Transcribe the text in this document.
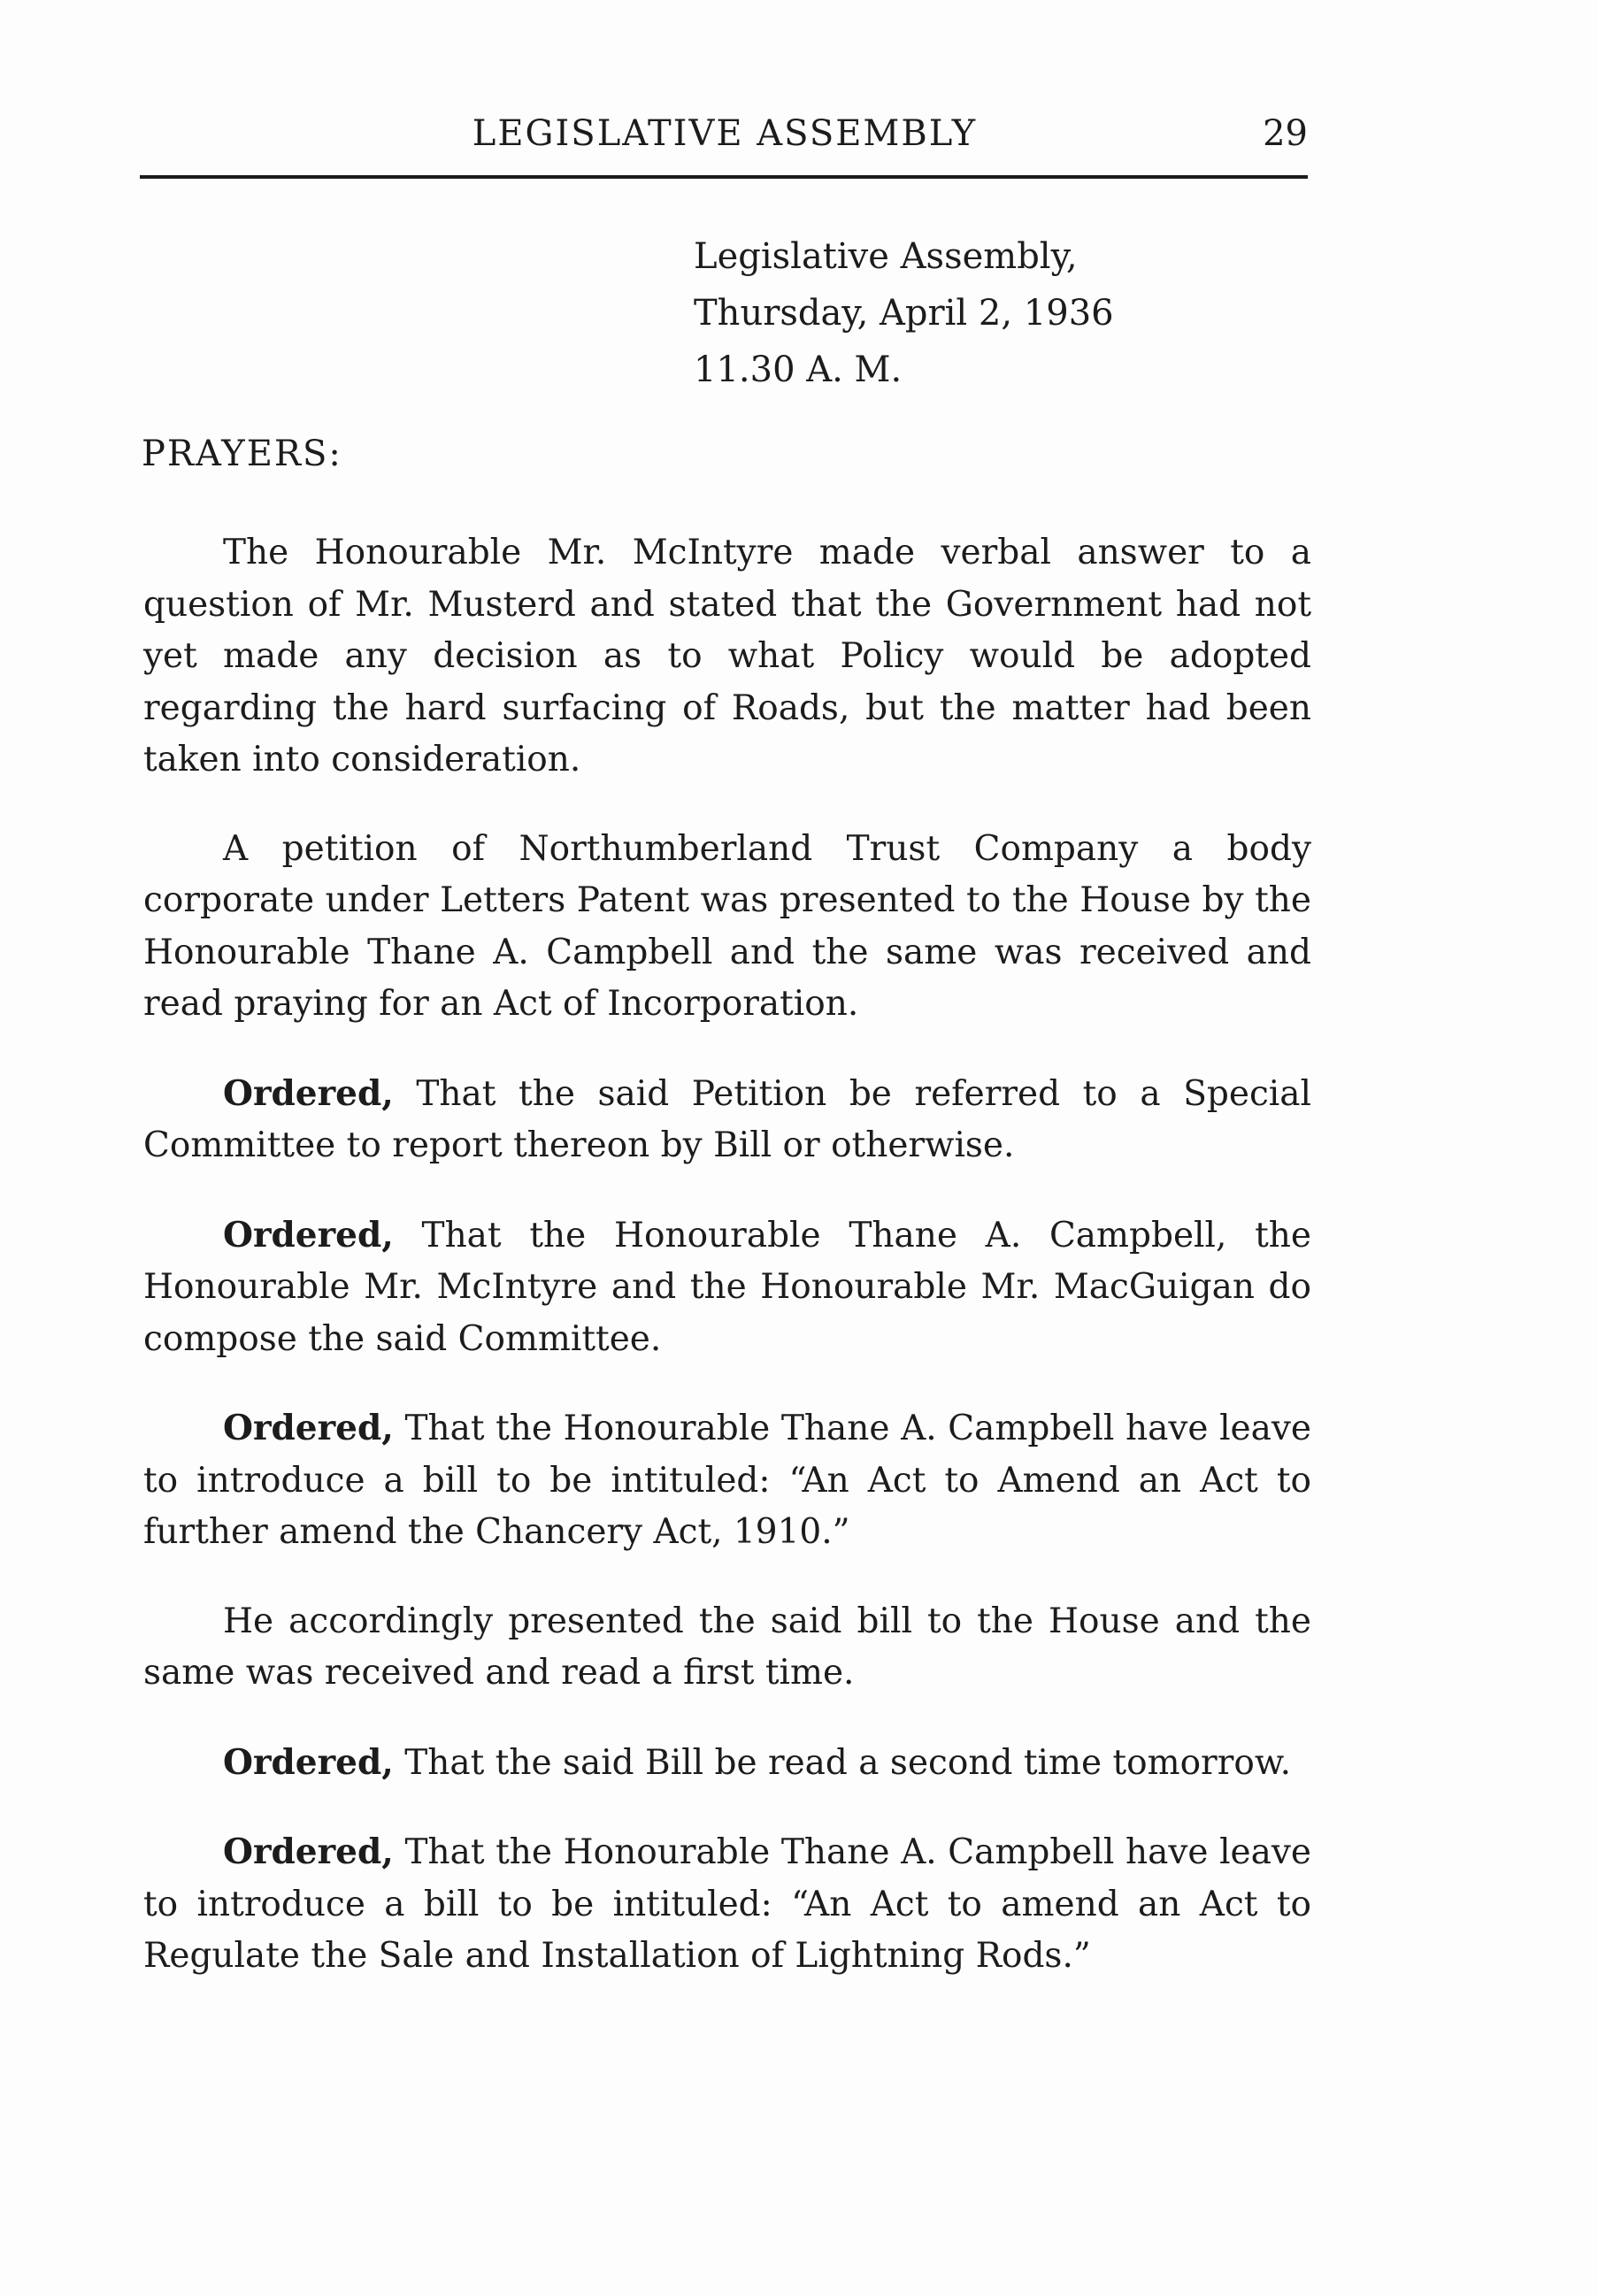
LEGISLATIVE ASSEMBLY	29
Legislative Assembly,
Thursday, April 2, 1936
11.30 A. M.
PRAYERS:

The Honourable Mr. McIntyre made verbal answer to a question of Mr. Musterd and stated that the Government had not yet made any decision as to what Policy would be adopted regarding the hard surfacing of Roads, but the matter had been taken into consideration.

A petition of Northumberland Trust Company a body corporate under Letters Patent was presented to the House by the Honourable Thane A. Campbell and the same was received and read praying for an Act of Incorporation.

Ordered, That the said Petition be referred to a Special Committee to report thereon by Bill or otherwise.

Ordered, That the Honourable Thane A. Campbell, the Honourable Mr. McIntyre and the Honourable Mr. MacGuigan do compose the said Committee.

Ordered, That the Honourable Thane A. Campbell have leave to introduce a bill to be intituled: “An Act to Amend an Act to further amend the Chancery Act, 1910.”

He accordingly presented the said bill to the House and the same was received and read a first time.

Ordered, That the said Bill be read a second time tomorrow.

Ordered, That the Honourable Thane A. Campbell have leave to introduce a bill to be intituled: “An Act to amend an Act to Regulate the Sale and Installation of Lightning Rods.”
